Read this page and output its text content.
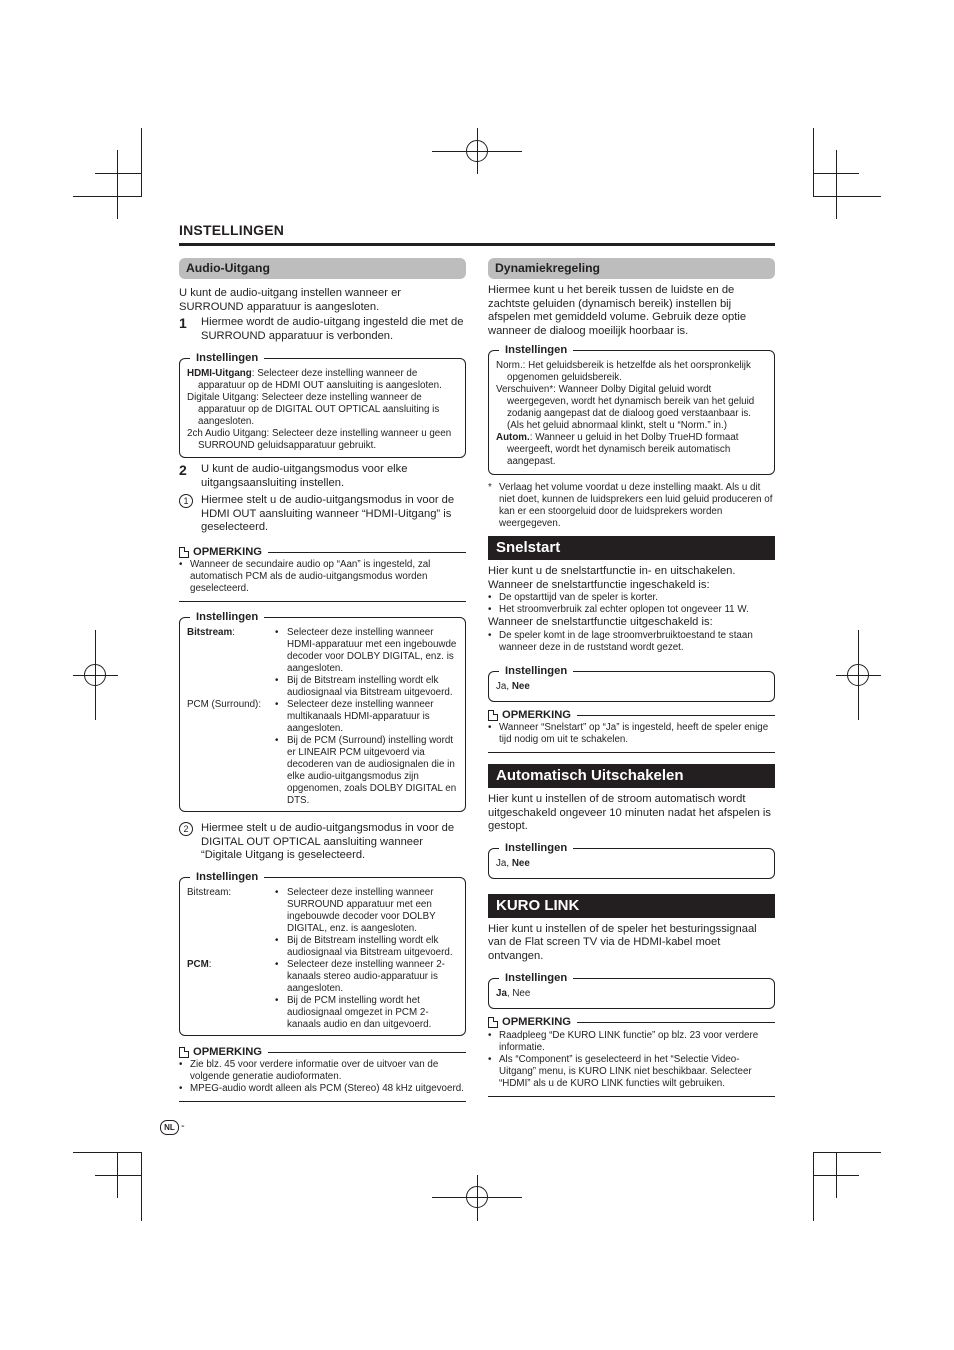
INSTELLINGEN
Audio-Uitgang

U kunt de audio-uitgang instellen wanneer er SURROUND apparatuur is aangesloten.

1	Hiermee wordt de audio-uitgang ingesteld die met de SURROUND apparatuur is verbonden.
Instellingen
HDMI-Uitgang: Selecteer deze instelling wanneer de apparatuur op de HDMI OUT aansluiting is aangesloten.
Digitale Uitgang: Selecteer deze instelling wanneer de apparatuur op de DIGITAL OUT OPTICAL aansluiting is aangesloten.
2ch Audio Uitgang: Selecteer deze instelling wanneer u geen SURROUND geluidsapparatuur gebruikt.
2	U kunt de audio-uitgangsmodus voor elke uitgangsaansluiting instellen.
1	Hiermee stelt u de audio-uitgangsmodus in voor de HDMI OUT aansluiting wanneer “HDMI-Uitgang” is geselecteerd.
OPMERKING
• Wanneer de secundaire audio op “Aan” is ingesteld, zal automatisch PCM als de audio-uitgangsmodus worden geselecteerd.
Instellingen
Bitstream:	• Selecteer deze instelling wanneer HDMI-apparatuur met een ingebouwde decoder voor DOLBY DIGITAL, enz. is aangesloten.
• Bij de Bitstream instelling wordt elk audiosignaal via Bitstream uitgevoerd.
PCM (Surround):	• Selecteer deze instelling wanneer multikanaals HDMI-apparatuur is aangesloten.
• Bij de PCM (Surround) instelling wordt er LINEAIR PCM uitgevoerd via decoderen van de audiosignalen die in elke audio-uitgangsmodus zijn opgenomen, zoals DOLBY DIGITAL en DTS.
2	Hiermee stelt u de audio-uitgangsmodus in voor de DIGITAL OUT OPTICAL aansluiting wanneer “Digitale Uitgang is geselecteerd.
Instellingen
Bitstream:	• Selecteer deze instelling wanneer SURROUND apparatuur met een ingebouwde decoder voor DOLBY DIGITAL, enz. is aangesloten.
• Bij de Bitstream instelling wordt elk audiosignaal via Bitstream uitgevoerd.
PCM:	• Selecteer deze instelling wanneer 2-kanaals stereo audio-apparatuur is aangesloten.
• Bij de PCM instelling wordt het audiosignaal omgezet in PCM 2-kanaals audio en dan uitgevoerd.
OPMERKING
• Zie blz. 45 voor verdere informatie over de uitvoer van de volgende generatie audioformaten.
• MPEG-audio wordt alleen als PCM (Stereo) 48 kHz uitgevoerd.
Dynamiekregeling

Hiermee kunt u het bereik tussen de luidste en de zachtste geluiden (dynamisch bereik) instellen bij afspelen met gemiddeld volume. Gebruik deze optie wanneer de dialoog moeilijk hoorbaar is.

Instellingen
Norm.: Het geluidsbereik is hetzelfde als het oorspronkelijk opgenomen geluidsbereik.
Verschuiven*: Wanneer Dolby Digital geluid wordt weergegeven, wordt het dynamisch bereik van het geluid zodanig aangepast dat de dialoog goed verstaanbaar is. (Als het geluid abnormaal klinkt, stelt u “Norm.” in.)
Autom.: Wanneer u geluid in het Dolby TrueHD formaat weergeeft, wordt het dynamisch bereik automatisch aangepast.
* Verlaag het volume voordat u deze instelling maakt. Als u dit niet doet, kunnen de luidsprekers een luid geluid produceren of kan er een stoorgeluid door de luidsprekers worden weergegeven.
Snelstart

Hier kunt u de snelstartfunctie in- en uitschakelen.

Wanneer de snelstartfunctie ingeschakeld is:

• De opstarttijd van de speler is korter.
• Het stroomverbruik zal echter oplopen tot ongeveer 11 W.

Wanneer de snelstartfunctie uitgeschakeld is:

• De speler komt in de lage stroomverbruiktoestand te staan wanneer deze in de ruststand wordt gezet.
Instellingen
Ja, Nee
OPMERKING
• Wanneer “Snelstart” op “Ja” is ingesteld, heeft de speler enige tijd nodig om uit te schakelen.
Automatisch Uitschakelen

Hier kunt u instellen of de stroom automatisch wordt uitgeschakeld ongeveer 10 minuten nadat het afspelen is gestopt.

Instellingen
Ja, Nee
KURO LINK

Hier kunt u instellen of de speler het besturingssignaal van de Flat screen TV via de HDMI-kabel moet ontvangen.

Instellingen
Ja, Nee
OPMERKING
• Raadpleeg “De KURO LINK functie” op blz. 23 voor verdere informatie.
• Als “Component” is geselecteerd in het “Selectie Video-Uitgang” menu, is KURO LINK niet beschikbaar. Selecteer “HDMI” als u de KURO LINK functies wilt gebruiken.
NL -
